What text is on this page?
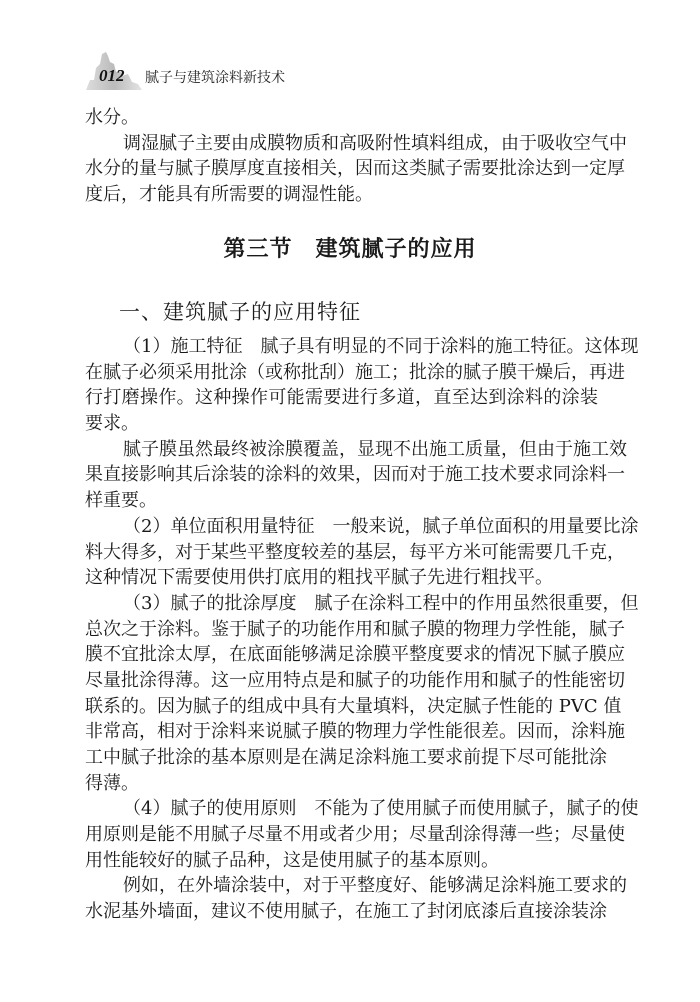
012 腻子与建筑涂料新技术
水分。
调湿腻子主要由成膜物质和高吸附性填料组成，由于吸收空气中
水分的量与腻子膜厚度直接相关，因而这类腻子需要批涂达到一定厚
度后，才能具有所需要的调湿性能。
第三节　建筑腻子的应用
一、建筑腻子的应用特征
（1）施工特征　腻子具有明显的不同于涂料的施工特征。这体现
在腻子必须采用批涂（或称批刮）施工；批涂的腻子膜干燥后，再进
行打磨操作。这种操作可能需要进行多道，直至达到涂料的涂装
要求。
腻子膜虽然最终被涂膜覆盖，显现不出施工质量，但由于施工效
果直接影响其后涂装的涂料的效果，因而对于施工技术要求同涂料一
样重要。
（2）单位面积用量特征　一般来说，腻子单位面积的用量要比涂
料大得多，对于某些平整度较差的基层，每平方米可能需要几千克，
这种情况下需要使用供打底用的粗找平腻子先进行粗找平。
（3）腻子的批涂厚度　腻子在涂料工程中的作用虽然很重要，但
总次之于涂料。鉴于腻子的功能作用和腻子膜的物理力学性能，腻子
膜不宜批涂太厚，在底面能够满足涂膜平整度要求的情况下腻子膜应
尽量批涂得薄。这一应用特点是和腻子的功能作用和腻子的性能密切
联系的。因为腻子的组成中具有大量填料，决定腻子性能的 PVC 值
非常高，相对于涂料来说腻子膜的物理力学性能很差。因而，涂料施
工中腻子批涂的基本原则是在满足涂料施工要求前提下尽可能批涂
得薄。
（4）腻子的使用原则　不能为了使用腻子而使用腻子，腻子的使
用原则是能不用腻子尽量不用或者少用；尽量刮涂得薄一些；尽量使
用性能较好的腻子品种，这是使用腻子的基本原则。
例如，在外墙涂装中，对于平整度好、能够满足涂料施工要求的
水泥基外墙面，建议不使用腻子，在施工了封闭底漆后直接涂装涂
